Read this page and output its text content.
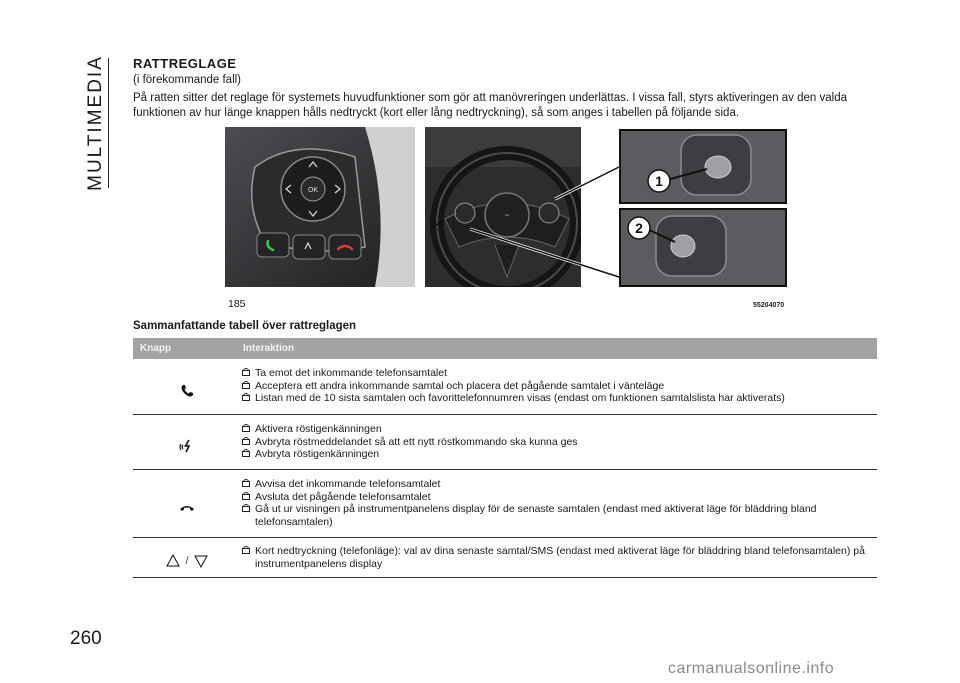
MULTIMEDIA RATTREGLAGE
(i förekommande fall)
På ratten sitter det reglage för systemets huvudfunktioner som gör att manövreringen underlättas. I vissa fall, styrs aktiveringen av den valda funktionen av hur länge knappen hålls nedtryckt (kort eller lång nedtryckning), så som anges i tabellen på följande sida.
OK
~
1
2
185	55204070
Sammanfattande tabell över rattreglagen
Knapp	Interaktion
Ta emot det inkommande telefonsamtalet
Acceptera ett andra inkommande samtal och placera det pågående samtalet i vänteläge
Listan med de 10 sista samtalen och favorittelefonnumren visas (endast om funktionen samtalslista har aktiverats)
Aktivera röstigenkänningen
Avbryta röstmeddelandet så att ett nytt röstkommando ska kunna ges
Avbryta röstigenkänningen
Avvisa det inkommande telefonsamtalet
Avsluta det pågående telefonsamtalet
Gå ut ur visningen på instrumentpanelens display för de senaste samtalen (endast med aktiverat läge för bläddring bland telefonsamtalen)
/
Kort nedtryckning (telefonläge): val av dina senaste samtal/SMS (endast med aktiverat läge för bläddring bland telefonsamtalen) på instrumentpanelens display
260
carmanualsonline.info
